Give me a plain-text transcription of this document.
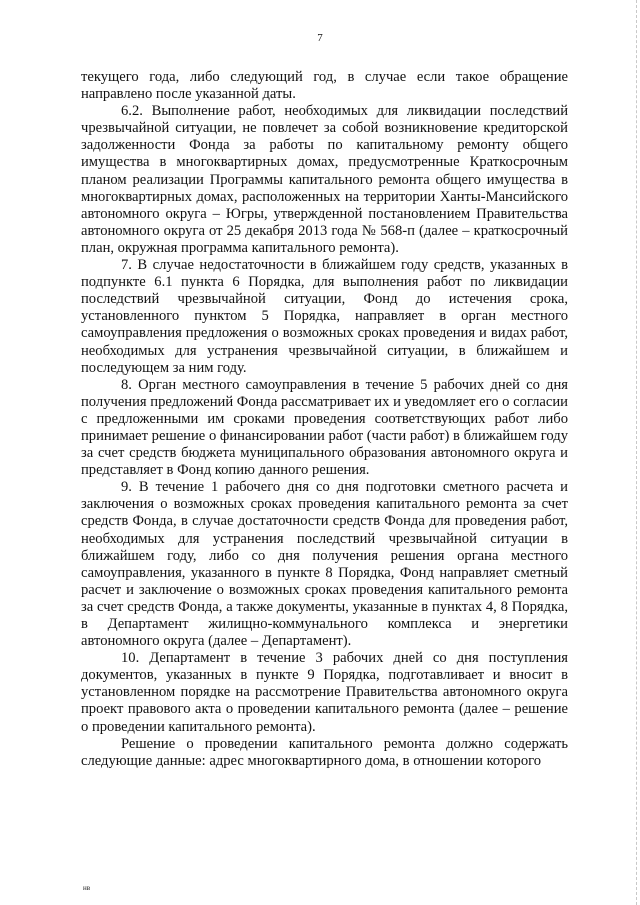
7

текущего года, либо следующий год, в случае если такое обращение направлено после указанной даты.

6.2. Выполнение работ, необходимых для ликвидации последствий чрезвычайной ситуации, не повлечет за собой возникновение кредиторской задолженности Фонда за работы по капитальному ремонту общего имущества в многоквартирных домах, предусмотренные Краткосрочным планом реализации Программы капитального ремонта общего имущества в многоквартирных домах, расположенных на территории Ханты-Мансийского автономного округа – Югры, утвержденной постановлением Правительства автономного округа от 25 декабря 2013 года № 568-п (далее – краткосрочный план, окружная программа капитального ремонта).

7. В случае недостаточности в ближайшем году средств, указанных в подпункте 6.1 пункта 6 Порядка, для выполнения работ по ликвидации последствий чрезвычайной ситуации, Фонд до истечения срока, установленного пунктом 5 Порядка, направляет в орган местного самоуправления предложения о возможных сроках проведения и видах работ, необходимых для устранения чрезвычайной ситуации, в ближайшем и последующем за ним году.

8. Орган местного самоуправления в течение 5 рабочих дней со дня получения предложений Фонда рассматривает их и уведомляет его о согласии с предложенными им сроками проведения соответствующих работ либо принимает решение о финансировании работ (части работ) в ближайшем году за счет средств бюджета муниципального образования автономного округа и представляет в Фонд копию данного решения.

9. В течение 1 рабочего дня со дня подготовки сметного расчета и заключения о возможных сроках проведения капитального ремонта за счет средств Фонда, в случае достаточности средств Фонда для проведения работ, необходимых для устранения последствий чрезвычайной ситуации в ближайшем году, либо со дня получения решения органа местного самоуправления, указанного в пункте 8 Порядка, Фонд направляет сметный расчет и заключение о возможных сроках проведения капитального ремонта за счет средств Фонда, а также документы, указанные в пунктах 4, 8 Порядка, в Департамент жилищно-коммунального комплекса и энергетики автономного округа (далее – Департамент).

10. Департамент в течение 3 рабочих дней со дня поступления документов, указанных в пункте 9 Порядка, подготавливает и вносит в установленном порядке на рассмотрение Правительства автономного округа проект правового акта о проведении капитального ремонта (далее – решение о проведении капитального ремонта).

Решение о проведении капитального ремонта должно содержать следующие данные: адрес многоквартирного дома, в отношении которого

нв
